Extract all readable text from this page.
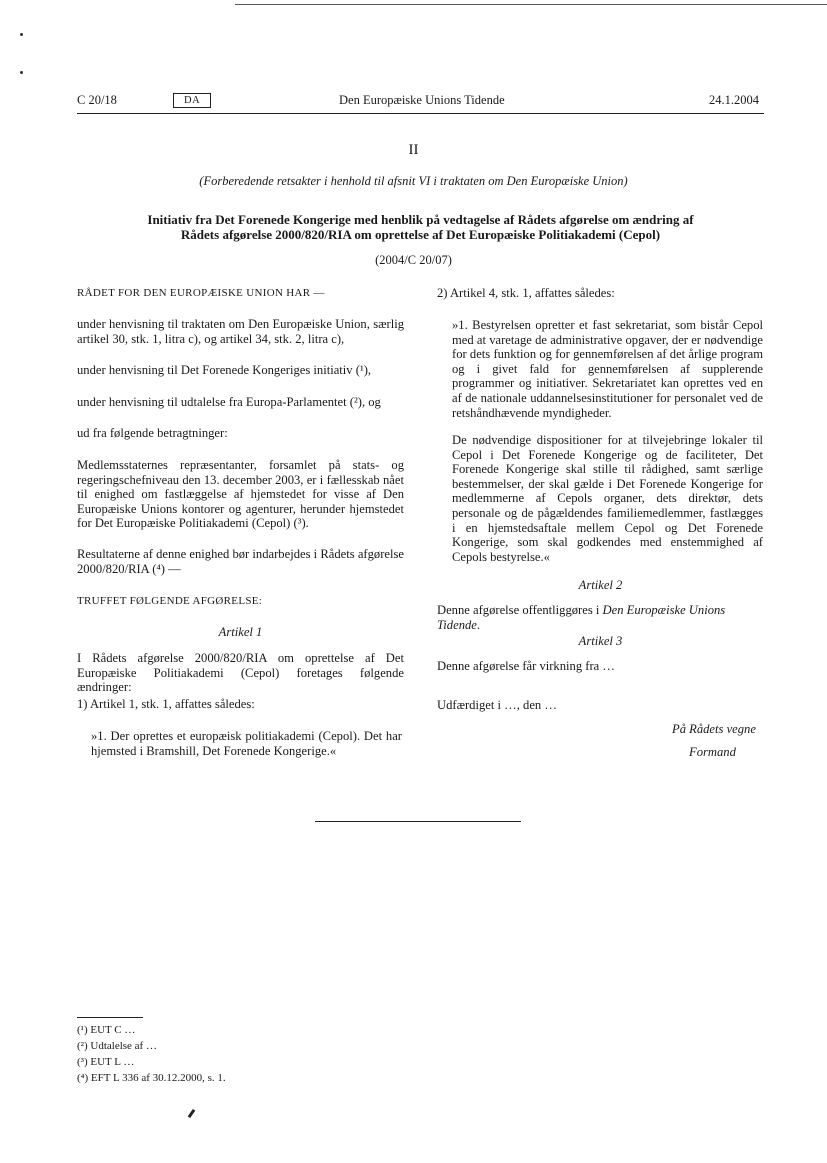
C 20/18	DA	Den Europæiske Unions Tidende	24.1.2004
II
(Forberedende retsakter i henhold til afsnit VI i traktaten om Den Europæiske Union)
Initiativ fra Det Forenede Kongerige med henblik på vedtagelse af Rådets afgørelse om ændring af
Rådets afgørelse 2000/820/RIA om oprettelse af Det Europæiske Politiakademi (Cepol)
(2004/C 20/07)
RÅDET FOR DEN EUROPÆISKE UNION HAR —
under henvisning til traktaten om Den Europæiske Union, særlig artikel 30, stk. 1, litra c), og artikel 34, stk. 2, litra c),
under henvisning til Det Forenede Kongeriges initiativ (¹),
under henvisning til udtalelse fra Europa-Parlamentet (²), og
ud fra følgende betragtninger:
Medlemsstaternes repræsentanter, forsamlet på stats- og regeringschefniveau den 13. december 2003, er i fællesskab nået til enighed om fastlæggelse af hjemstedet for visse af Den Europæiske Unions kontorer og agenturer, herunder hjemstedet for Det Europæiske Politiakademi (Cepol) (³).
Resultaterne af denne enighed bør indarbejdes i Rådets afgørelse 2000/820/RIA (⁴) —
TRUFFET FØLGENDE AFGØRELSE:
Artikel 1
I Rådets afgørelse 2000/820/RIA om oprettelse af Det Europæiske Politiakademi (Cepol) foretages følgende ændringer:
1) Artikel 1, stk. 1, affattes således:
»1. Der oprettes et europæisk politiakademi (Cepol). Det har hjemsted i Bramshill, Det Forenede Kongerige.«
2) Artikel 4, stk. 1, affattes således:
»1. Bestyrelsen opretter et fast sekretariat, som bistår Cepol med at varetage de administrative opgaver, der er nødvendige for dets funktion og for gennemførelsen af det årlige program og i givet fald for gennemførelsen af supplerende programmer og initiativer. Sekretariatet kan oprettes ved en af de nationale uddannelsesinstitutioner for personalet ved de retshåndhævende myndigheder.
De nødvendige dispositioner for at tilvejebringe lokaler til Cepol i Det Forenede Kongerige og de faciliteter, Det Forenede Kongerige skal stille til rådighed, samt særlige bestemmelser, der skal gælde i Det Forenede Kongerige for medlemmerne af Cepols organer, dets direktør, dets personale og de pågældendes familiemedlemmer, fastlægges i en hjemstedsaftale mellem Cepol og Det Forenede Kongerige, som skal godkendes med enstemmighed af Cepols bestyrelse.«
Artikel 2
Denne afgørelse offentliggøres i Den Europæiske Unions Tidende.
Artikel 3
Denne afgørelse får virkning fra …
Udfærdiget i …, den …
På Rådets vegne
Formand
(¹) EUT C …
(²) Udtalelse af …
(³) EUT L …
(⁴) EFT L 336 af 30.12.2000, s. 1.
